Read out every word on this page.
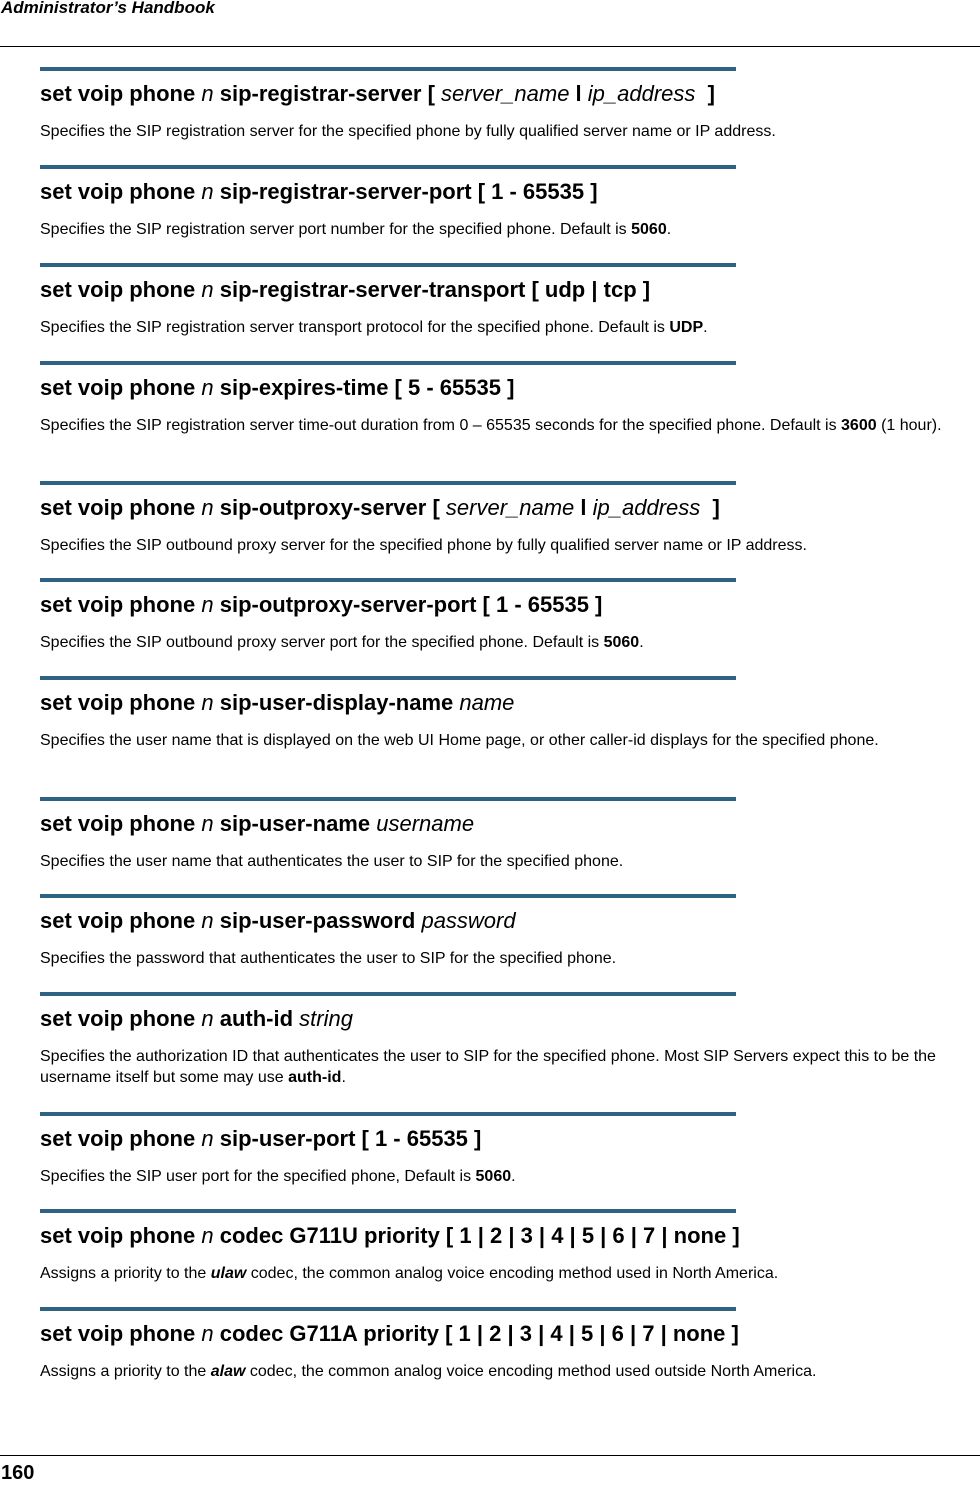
Administrator’s Handbook
set voip phone n sip-registrar-server [ server_name l ip_address  ]
Specifies the SIP registration server for the specified phone by fully qualified server name or IP address.
set voip phone n sip-registrar-server-port [ 1 - 65535 ]
Specifies the SIP registration server port number for the specified phone. Default is 5060.
set voip phone n sip-registrar-server-transport [ udp | tcp ]
Specifies the SIP registration server transport protocol for the specified phone. Default is UDP.
set voip phone n sip-expires-time [ 5 - 65535 ]
Specifies the SIP registration server time-out duration from 0 – 65535 seconds for the specified phone. Default is 3600 (1 hour).
set voip phone n sip-outproxy-server [ server_name l ip_address  ]
Specifies the SIP outbound proxy server for the specified phone by fully qualified server name or IP address.
set voip phone n sip-outproxy-server-port [ 1 - 65535 ]
Specifies the SIP outbound proxy server port for the specified phone. Default is 5060.
set voip phone n sip-user-display-name name
Specifies the user name that is displayed on the web UI Home page, or other caller-id displays for the specified phone.
set voip phone n sip-user-name username
Specifies the user name that authenticates the user to SIP for the specified phone.
set voip phone n sip-user-password password
Specifies the password that authenticates the user to SIP for the specified phone.
set voip phone n auth-id string
Specifies the authorization ID that authenticates the user to SIP for the specified phone. Most SIP Servers expect this to be the username itself but some may use auth-id.
set voip phone n sip-user-port [ 1 - 65535 ]
Specifies the SIP user port for the specified phone, Default is 5060.
set voip phone n codec G711U priority [ 1 | 2 | 3 | 4 | 5 | 6 | 7 | none ]
Assigns a priority to the ulaw codec, the common analog voice encoding method used in North America.
set voip phone n codec G711A priority [ 1 | 2 | 3 | 4 | 5 | 6 | 7 | none ]
Assigns a priority to the alaw codec, the common analog voice encoding method used outside North America.
160
